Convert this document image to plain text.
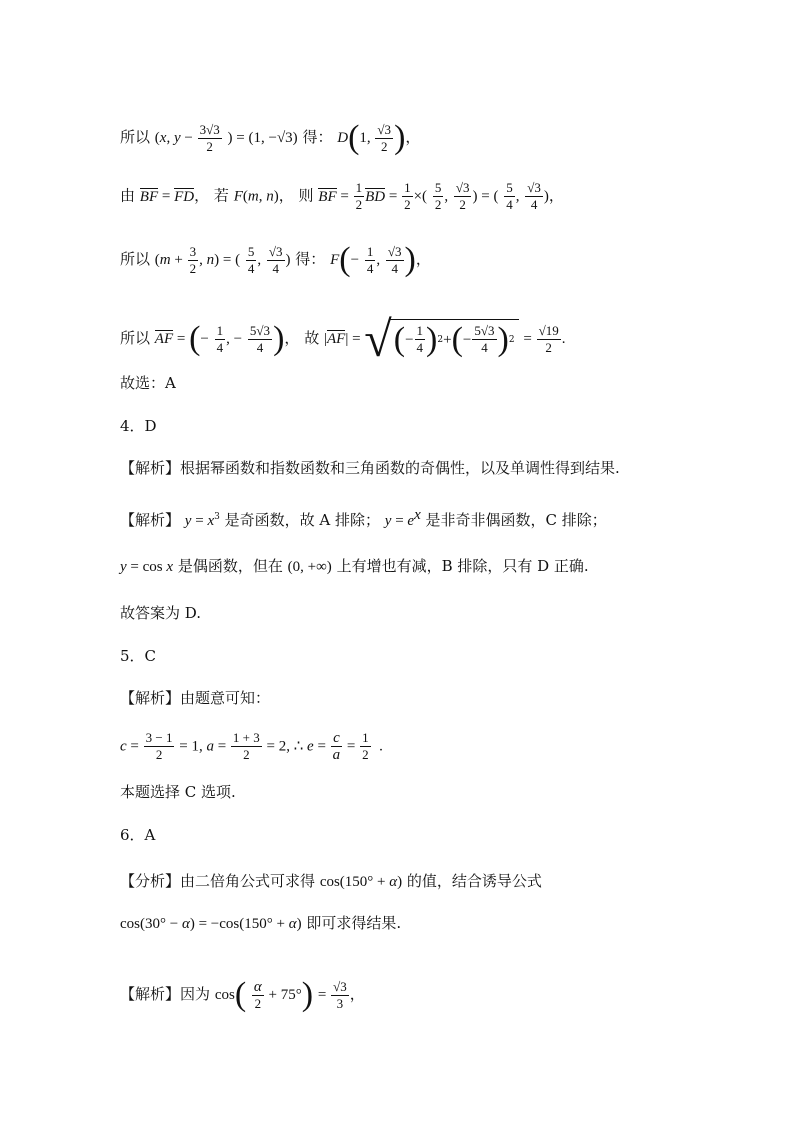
所以 (x, $y - \frac{3√3}{2}$ ) = (1, −√3) 得： D(1, $\frac{√3}{2}$ )，
由 BF = FD， 若 F(m, n)， 则 BF = $\frac{1}{2}$ BD = $\frac{1}{2}$ ×( $\frac{5}{2}$ , $\frac{√3}{2}$ ) = ( $\frac{5}{4}$ , $\frac{√3}{4}$ )，
所以 ($m + \frac{3}{2}$ , n) = ( $\frac{5}{4}$ , $\frac{√3}{4}$ ) 得： $F(- \frac{1}{4}$ , $\frac{√3}{4}$ )，
所以 AF = (− $\frac{1}{4}$ , − $\frac{5√3}{4}$ )， 故 |AF| = √ ( − $\frac{1}{4}$ ) 2 + ( − $\frac{5√3}{4}$ ) $2 = \frac{√19}{2}$ .
故选：A
4．D
【解析】根据幂函数和指数函数和三角函数的奇偶性，以及单调性得到结果.
【解析】 $y = x^3$ 是奇函数，故 A 排除； $y = e^x$ 是非奇非偶函数，C 排除；
y = cos x 是偶函数，但在 (0, +∞) 上有增也有减，B 排除，只有 D 正确.
故答案为 D.
5．C
【解析】由题意可知：
$c = \frac{3 - 1}{2} = 1$, $a = \frac{1 + 3}{2} = 2$, ∴ $e = \frac{c}{a} = \frac{1}{2}$ .
本题选择 C 选项.
6．A
【分析】由二倍角公式可求得 cos(150° + α) 的值，结合诱导公式
cos(30° − α) = −cos(150° + α) 即可求得结果.
【解析】因为 $\cos( \frac{\alpha}{2} + 75^\circ) = \frac{√3}{3}$ ，
